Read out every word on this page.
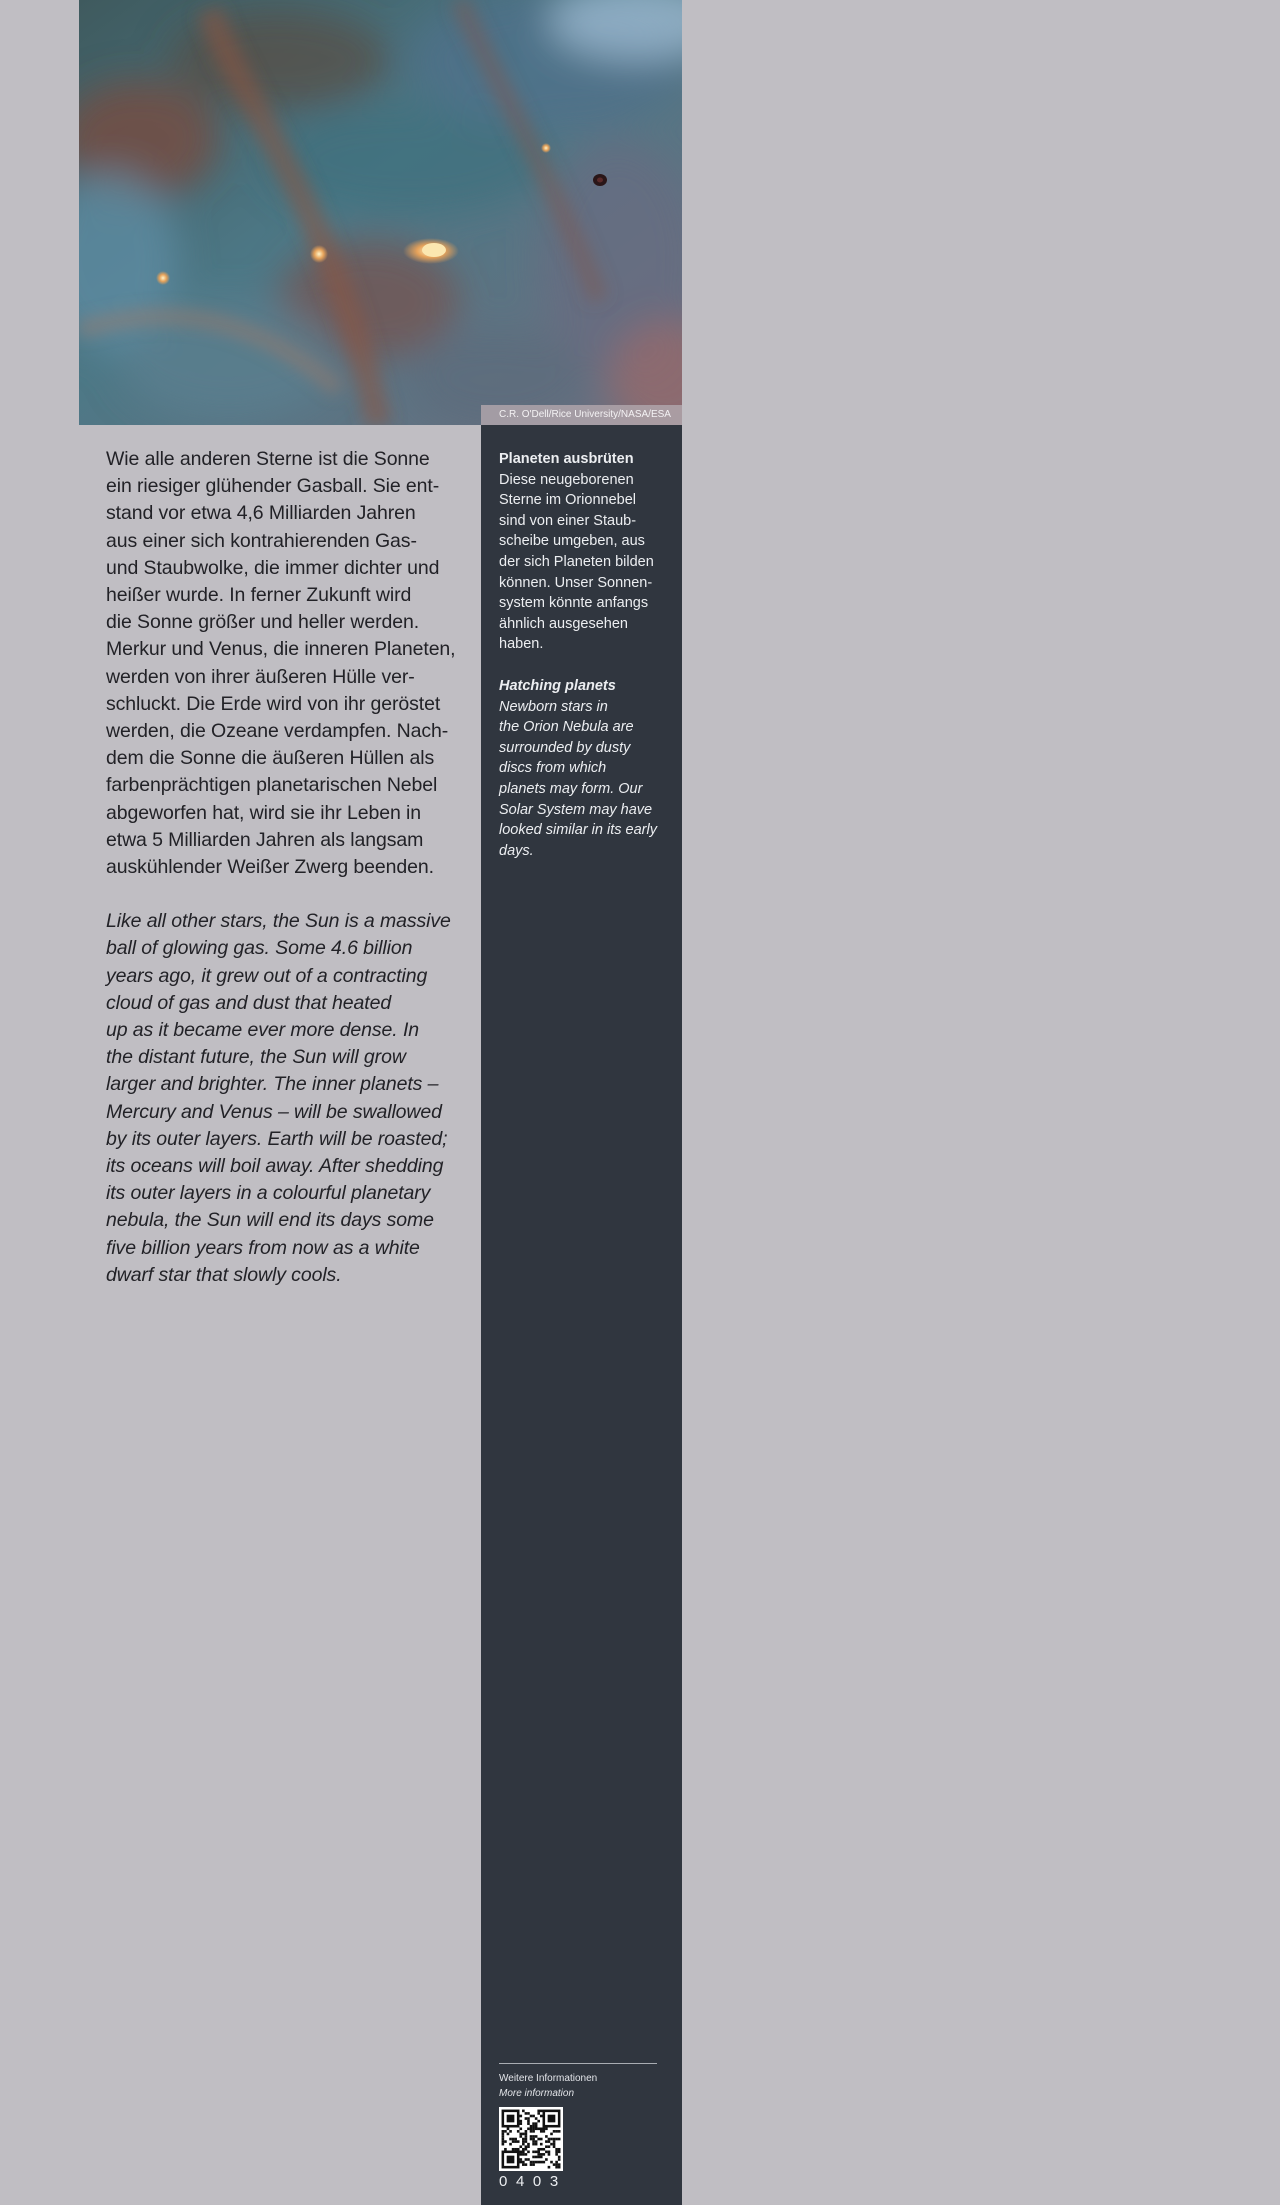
C.R. O'Dell/Rice University/NASA/ESA

Wie alle anderen Sterne ist die Sonne
ein riesiger glühender Gasball. Sie ent-
stand vor etwa 4,6 Milliarden Jahren
aus einer sich kontrahierenden Gas-
und Staubwolke, die immer dichter und
heißer wurde. In ferner Zukunft wird
die Sonne größer und heller werden.
Merkur und Venus, die inneren Planeten,
werden von ihrer äußeren Hülle ver-
schluckt. Die Erde wird von ihr geröstet
werden, die Ozeane verdampfen. Nach-
dem die Sonne die äußeren Hüllen als
farbenprächtigen planetarischen Nebel
abgeworfen hat, wird sie ihr Leben in
etwa 5 Milliarden Jahren als langsam
auskühlender Weißer Zwerg beenden.

Like all other stars, the Sun is a massive
ball of glowing gas. Some 4.6 billion
years ago, it grew out of a contracting
cloud of gas and dust that heated
up as it became ever more dense. In
the distant future, the Sun will grow
larger and brighter. The inner planets –
Mercury and Venus – will be swallowed
by its outer layers. Earth will be roasted;
its oceans will boil away. After shedding
its outer layers in a colourful planetary
nebula, the Sun will end its days some
five billion years from now as a white
dwarf star that slowly cools.

Planeten ausbrüten

Diese neugeborenen
Sterne im Orionnebel
sind von einer Staub-
scheibe umgeben, aus
der sich Planeten bilden
können. Unser Sonnen-
system könnte anfangs
ähnlich ausgesehen
haben.

Hatching planets

Newborn stars in
the Orion Nebula are
surrounded by dusty
discs from which
planets may form. Our
Solar System may have
looked similar in its early
days.

Weitere Informationen
More information
0403
